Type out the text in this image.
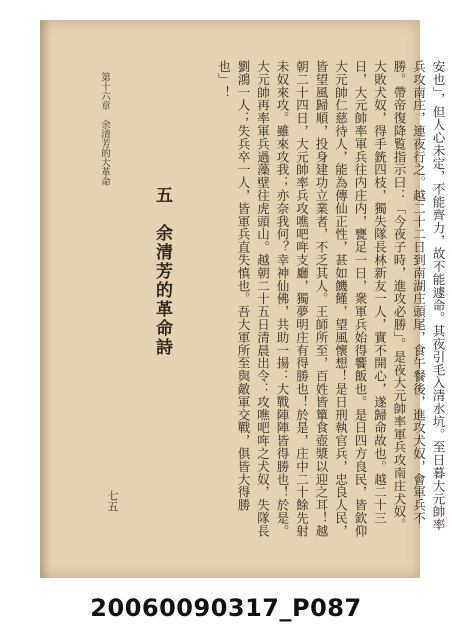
第十六章　余清芳的大革命
五　余清芳的革命詩
七五	安也」，但人心未定，不能齊力，故不能遽命。其夜引毛入清水坑。至日暮大元帥率兵攻南庄，連夜行之。越二十二日到南湖庄頭尾，食午餐後，進攻犬奴，會軍兵不勝。帶帝復降覧指示曰：「今夜子時，進攻必勝」。是夜大元帥率軍兵攻南庄犬奴。大敗犬奴，得手銃四枝，獨失隊長林新友一人，實不開心，遂歸命故也。越二十三日，大元帥率軍兵往内庄内，甕足一日，衆軍兵始得饗飯也。是日四方良民，皆欽仰大元帥仁慈待人，能為傳仙正性，甚如饑饉，望風懷想！是日刑執官兵，忠良人民，皆望風歸順，投身建功立業者，不乏其人。王師所至，百姓皆簞食壺漿以迎之耳！越朝二十四日，大元帥率兵攻噍吧哖支廳，獨夢明庄有得勝也！於是，庄中二十餘先射未奴來攻。雖來攻我；亦奈我何？幸神仙佛，共助一揚：大戰陣陣皆得勝也！於是。大元帥再率軍兵過藻壁往虎頭山。越朝二十五日清晨出令：攻噍吧哖之犬奴，失隊長劉鴻一人；失兵卒一人，皆軍兵直失慎也。吾大軍所至與敵軍交戰，俱皆大得勝也」！

20060090317_P087
